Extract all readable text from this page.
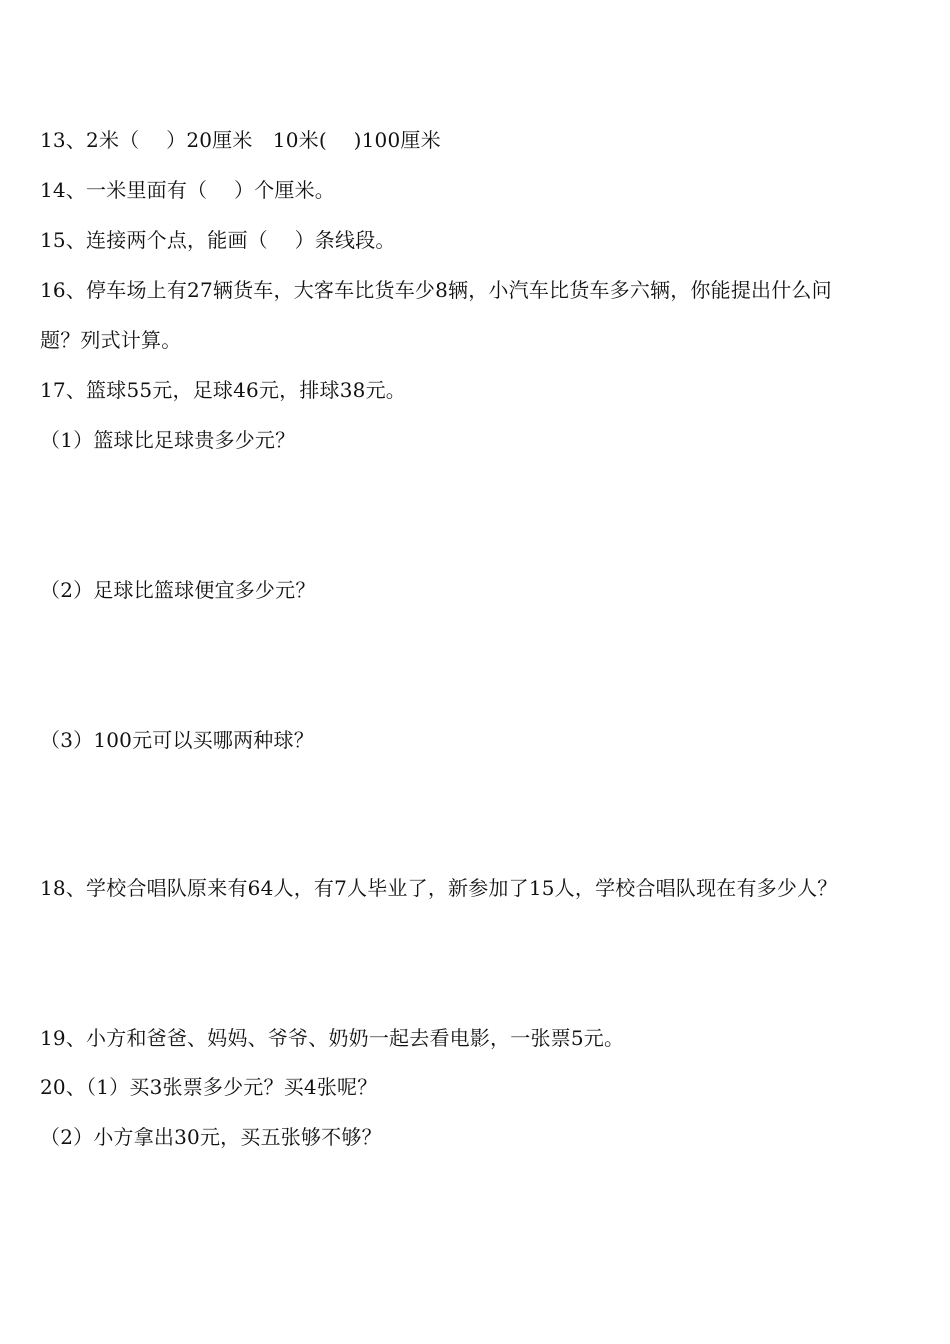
13、2米（　 ）20厘米　10米(　 )100厘米
14、一米里面有（　 ）个厘米。
15、连接两个点，能画（　 ）条线段。
16、停车场上有27辆货车，大客车比货车少8辆，小汽车比货车多六辆，你能提出什么问
题？列式计算。
17、篮球55元，足球46元，排球38元。
（1）篮球比足球贵多少元？
（2）足球比篮球便宜多少元？
（3）100元可以买哪两种球？
18、学校合唱队原来有64人，有7人毕业了，新参加了15人，学校合唱队现在有多少人？
19、小方和爸爸、妈妈、爷爷、奶奶一起去看电影，一张票5元。
20、（1）买3张票多少元？买4张呢？
（2）小方拿出30元，买五张够不够？
